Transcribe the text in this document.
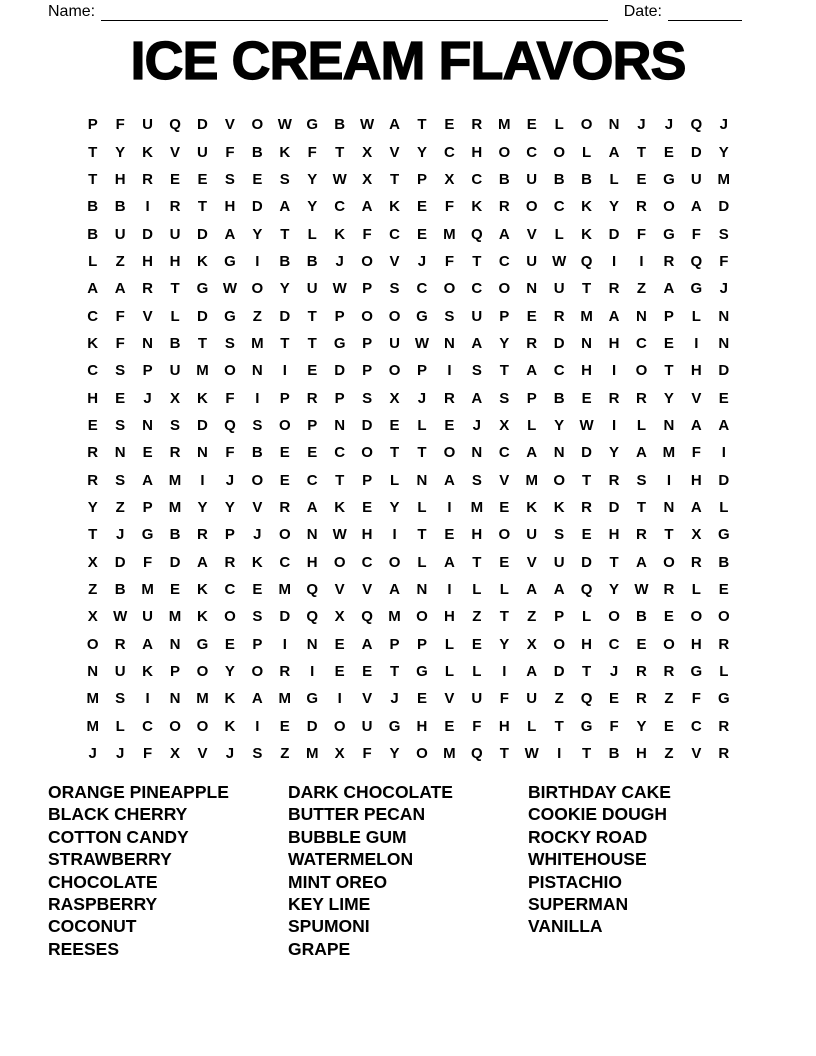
Name:	Date:
ICE CREAM FLAVORS
P	F	U	Q	D	V	O W G	B W A	T	E	R	M	E	L	O	N	J	J	Q	J
T	Y	K	V	U	F	B	K	F	T	X	V	Y	C	H	O	C	O	L	A	T	E	D	Y
T	H	R	E	E	S	E	S	Y	W	X	T	P	X	C	B	U	B	B	L	E	G	U	M
B	B	I	R	T	H	D	A	Y	C	A	K	E	F	K	R	O	C	K	Y	R	O	A	D
B	U	D	U	D	A	Y	T	L	K	F	C	E	M	Q	A	V	L	K	D	F	G	F	S
L	Z	H	H	K	G	I	B	B	J	O	V	J	F	T	C	U W Q	I	I	R	Q	F
A	A	R	T	G W O	Y	U W	P	S	C	O	C	O	N	U	T	R	Z	A	G	J
C	F	V	L	D	G	Z	D	T	P	O	O	G	S	U	P	E	R	M	A	N	P	L	N
K	F	N	B	T	S	M	T	T	G	P	U W N	A	Y	R	D	N	H	C	E	I	N
C	S	P	U	M	O	N	I	E	D	P	O	P	I	S	T	A	C	H	I	O	T	H	D
H	E	J	X	K	F	I	P	R	P	S	X	J	R	A	S	P	B	E	R	R	Y	V	E
E	S	N	S	D	Q	S	O	P	N	D	E	L	E	J	X	L	Y	W	I	L	N	A	A
R	N	E	R	N	F	B	E	E	C	O	T	T	O	N	C	A	N	D	Y	A	M	F	I
R	S	A	M	I	J	O	E	C	T	P	L	N	A	S	V	M	O	T	R	S	I	H	D
Y	Z	P	M	Y	Y	V	R	A	K	E	Y	L	I	M	E	K	K	R	D	T	N	A	L
T	J	G	B	R	P	J	O	N W H	I	T	E	H	O	U	S	E	H	R	T	X	G
X	D	F	D	A	R	K	C	H	O	C	O	L	A	T	E	V	U	D	T	A	O	R	B
Z	B	M	E	K	C	E	M	Q	V	V	A	N	I	L	L	A	A	Q	Y	W R	L	E
X	W U	M	K	O	S	D	Q	X	Q	M	O	H	Z	T	Z	P	L	O	B	E	O	O
O	R	A	N	G	E	P	I	N	E	A	P	P	L	E	Y	X	O	H	C	E	O	H	R
N	U	K	P	O	Y	O	R	I	E	E	T	G	L	L	I	A	D	T	J	R	R	G	L
M	S	I	N	M	K	A	M	G	I	V	J	E	V	U	F	U	Z	Q	E	R	Z	F	G
M	L	C	O	O	K	I	E	D	O	U	G	H	E	F	H	L	T	G	F	Y	E	C	R
J	J	F	X	V	J	S	Z	M	X	F	Y	O	M	Q	T	W	I	T	B	H	Z	V	R
ORANGE PINEAPPLE
BLACK CHERRY
COTTON CANDY
STRAWBERRY
CHOCOLATE
RASPBERRY
COCONUT
REESES
DARK CHOCOLATE
BUTTER PECAN
BUBBLE GUM
WATERMELON
MINT OREO
KEY LIME
SPUMONI
GRAPE
BIRTHDAY CAKE
COOKIE DOUGH
ROCKY ROAD
WHITEHOUSE
PISTACHIO
SUPERMAN
VANILLA
